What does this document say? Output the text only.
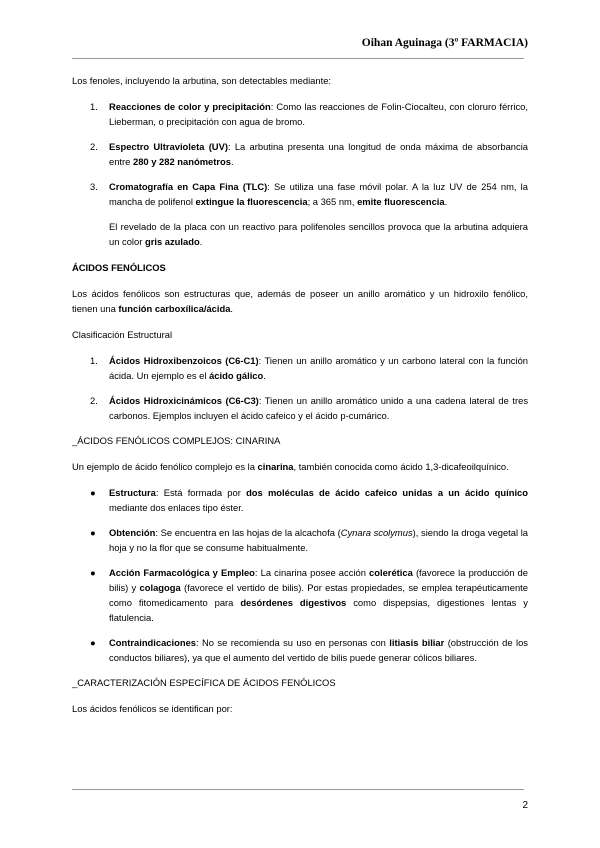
Oihan Aguinaga (3º FARMACIA)

Los fenoles, incluyendo la arbutina, son detectables mediante:

1. Reacciones de color y precipitación: Como las reacciones de Folin-Ciocalteu, con cloruro férrico, Lieberman, o precipitación con agua de bromo.

2. Espectro Ultravioleta (UV): La arbutina presenta una longitud de onda máxima de absorbancia entre 280 y 282 nanómetros.

3. Cromatografía en Capa Fina (TLC): Se utiliza una fase móvil polar. A la luz UV de 254 nm, la mancha de polifenol extingue la fluorescencia; a 365 nm, emite fluorescencia.

El revelado de la placa con un reactivo para polifenoles sencillos provoca que la arbutina adquiera un color gris azulado.

ÁCIDOS FENÓLICOS

Los ácidos fenólicos son estructuras que, además de poseer un anillo aromático y un hidroxilo fenólico, tienen una función carboxílica/ácida.

Clasificación Estructural
1. Ácidos Hidroxibenzoicos (C6-C1): Tienen un anillo aromático y un carbono lateral con la función ácida. Un ejemplo es el ácido gálico.

2. Ácidos Hidroxicinámicos (C6-C3): Tienen un anillo aromático unido a una cadena lateral de tres carbonos. Ejemplos incluyen el ácido cafeico y el ácido p-cumárico.

_ÁCIDOS FENÓLICOS COMPLEJOS: CINARINA

Un ejemplo de ácido fenólico complejo es la cinarina, también conocida como ácido 1,3-dicafeoilquínico.

● Estructura: Está formada por dos moléculas de ácido cafeico unidas a un ácido quínico mediante dos enlaces tipo éster.

● Obtención: Se encuentra en las hojas de la alcachofa (Cynara scolymus), siendo la droga vegetal la hoja y no la flor que se consume habitualmente.

● Acción Farmacológica y Empleo: La cinarina posee acción colerética (favorece la producción de bilis) y colagoga (favorece el vertido de bilis). Por estas propiedades, se emplea terapéuticamente como fitomedicamento para desórdenes digestivos como dispepsias, digestiones lentas y flatulencia.

● Contraindicaciones: No se recomienda su uso en personas con litiasis biliar (obstrucción de los conductos biliares), ya que el aumento del vertido de bilis puede generar cólicos biliares.

_CARACTERIZACIÓN ESPECÍFICA DE ÁCIDOS FENÓLICOS

Los ácidos fenólicos se identifican por:

2
